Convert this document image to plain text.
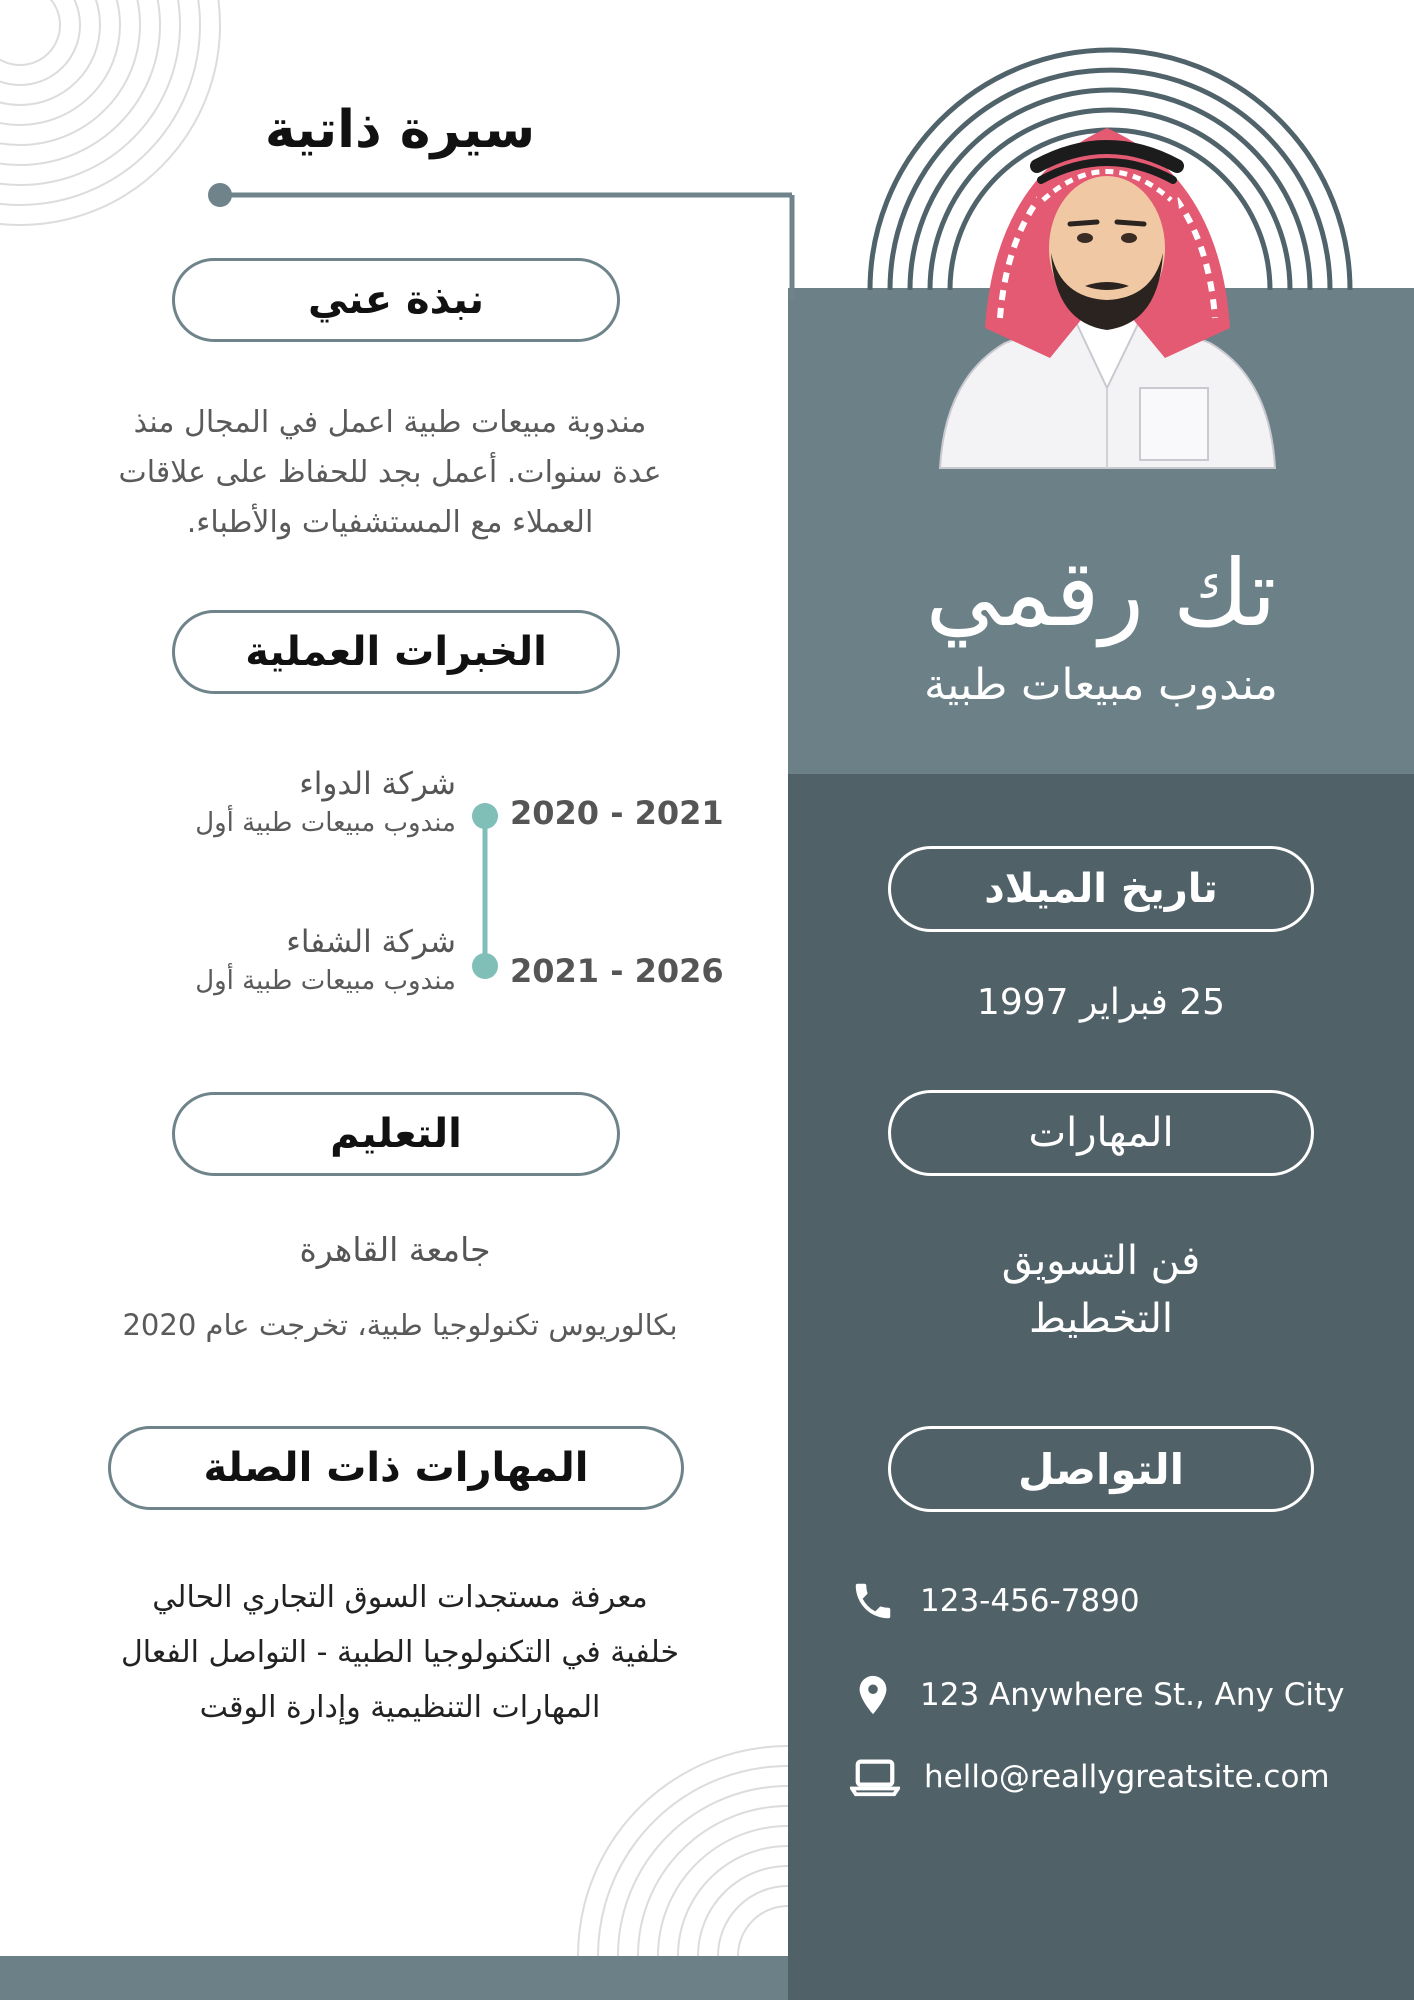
سيرة ذاتية
نبذة عني
مندوبة مبيعات طبية اعمل في المجال منذ
عدة سنوات. أعمل بجد للحفاظ على علاقات
العملاء مع المستشفيات والأطباء.
الخبرات العملية
شركة الدواء
مندوب مبيعات طبية أول 2020 - 2021
شركة الشفاء
مندوب مبيعات طبية أول 2021 - 2026
التعليم
جامعة القاهرة
بكالوريوس تكنولوجيا طبية، تخرجت عام 2020
المهارات ذات الصلة
معرفة مستجدات السوق التجاري الحالي
خلفية في التكنولوجيا الطبية - التواصل الفعال
المهارات التنظيمية وإدارة الوقت
تك رقمي
مندوب مبيعات طبية
تاريخ الميلاد
25 فبراير 1997
المهارات
فن التسويق
التخطيط
التواصل
123-456-7890
123 Anywhere St., Any City
hello@reallygreatsite.com
